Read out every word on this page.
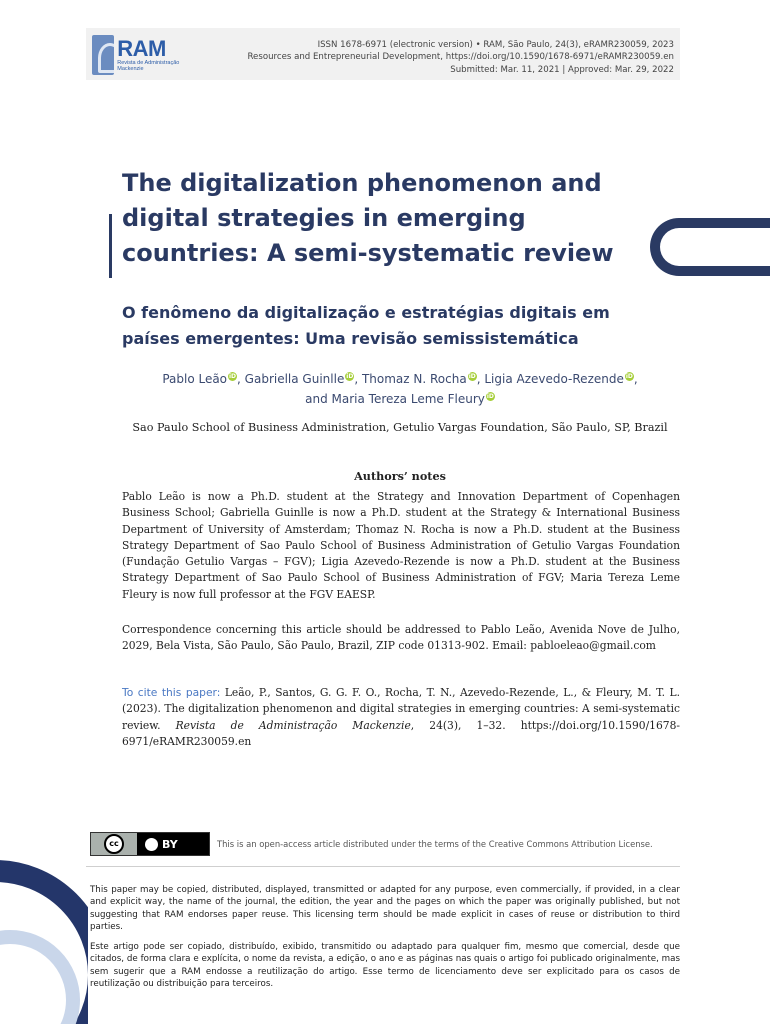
RAM
Revista de Administração Mackenzie
ISSN 1678-6971 (electronic version) • RAM, São Paulo, 24(3), eRAMR230059, 2023
Resources and Entrepreneurial Development, https://doi.org/10.1590/1678-6971/eRAMR230059.en
Submitted: Mar. 11, 2021 | Approved: Mar. 29, 2022
The digitalization phenomenon and digital strategies in emerging countries: A semi-systematic review
O fenômeno da digitalização e estratégias digitais em países emergentes: Uma revisão semissistemática
Pablo Leão iD, Gabriella Guinlle iD, Thomaz N. Rocha iD, Ligia Azevedo-Rezende iD,
and Maria Tereza Leme Fleury iD
Sao Paulo School of Business Administration, Getulio Vargas Foundation, São Paulo, SP, Brazil
Authors’ notes

Pablo Leão is now a Ph.D. student at the Strategy and Innovation Department of Copenhagen Business School; Gabriella Guinlle is now a Ph.D. student at the Strategy & International Business Department of University of Amsterdam; Thomaz N. Rocha is now a Ph.D. student at the Business Strategy Department of Sao Paulo School of Business Administration of Getulio Vargas Foundation (Fundação Getulio Vargas – FGV); Ligia Azevedo-Rezende is now a Ph.D. student at the Business Strategy Department of Sao Paulo School of Business Administration of FGV; Maria Tereza Leme Fleury is now full professor at the FGV EAESP.

Correspondence concerning this article should be addressed to Pablo Leão, Avenida Nove de Julho, 2029, Bela Vista, São Paulo, São Paulo, Brazil, ZIP code 01313-902. Email: pabloeleao@gmail.com

To cite this paper: Leão, P., Santos, G. G. F. O., Rocha, T. N., Azevedo-Rezende, L., & Fleury, M. T. L. (2023). The digitalization phenomenon and digital strategies in emerging countries: A semi-systematic review. Revista de Administração Mackenzie, 24(3), 1–32. https://doi.org/10.1590/1678-6971/eRAMR230059.en

cc	BY	This is an open-access article distributed under the terms of the Creative Commons Attribution License.

This paper may be copied, distributed, displayed, transmitted or adapted for any purpose, even commercially, if provided, in a clear and explicit way, the name of the journal, the edition, the year and the pages on which the paper was originally published, but not suggesting that RAM endorses paper reuse. This licensing term should be made explicit in cases of reuse or distribution to third parties.

Este artigo pode ser copiado, distribuído, exibido, transmitido ou adaptado para qualquer fim, mesmo que comercial, desde que citados, de forma clara e explícita, o nome da revista, a edição, o ano e as páginas nas quais o artigo foi publicado originalmente, mas sem sugerir que a RAM endosse a reutilização do artigo. Esse termo de licenciamento deve ser explicitado para os casos de reutilização ou distribuição para terceiros.
